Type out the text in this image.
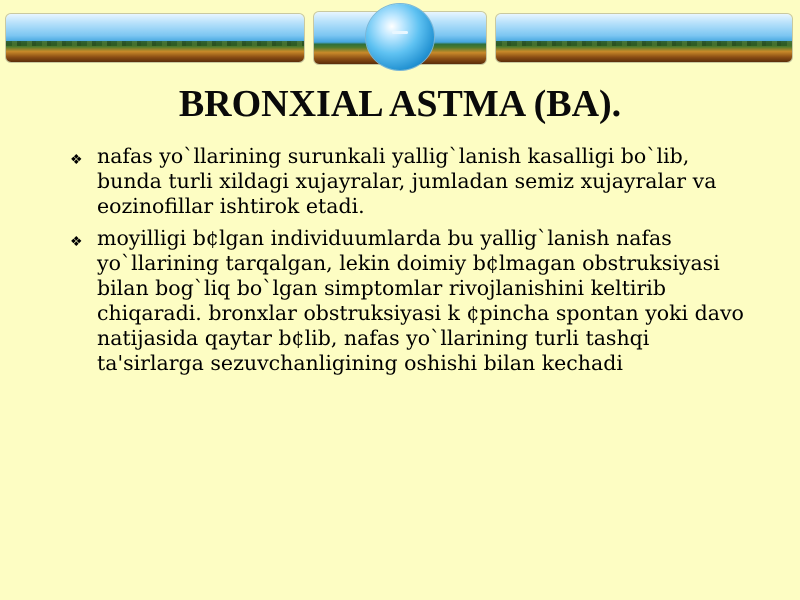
BRONXIAL ASTMA (BA).
❖ nafas yo`llarining surunkali yallig`lanish kasalligi bo`lib, bunda turli xildagi xujayralar, jumladan semiz xujayralar va eozinofillar ishtirok etadi.
❖ moyilligi b¢lgan individuumlarda bu yallig`lanish nafas yo`llarining tarqalgan, lekin doimiy b¢lmagan obstruksiyasi bilan bog`liq bo`lgan simptomlar rivojlanishini keltirib chiqaradi. bronxlar obstruksiyasi k ¢pincha spontan yoki davo natijasida qaytar b¢lib, nafas yo`llarining turli tashqi ta'sirlarga sezuvchanligining oshishi bilan kechadi
